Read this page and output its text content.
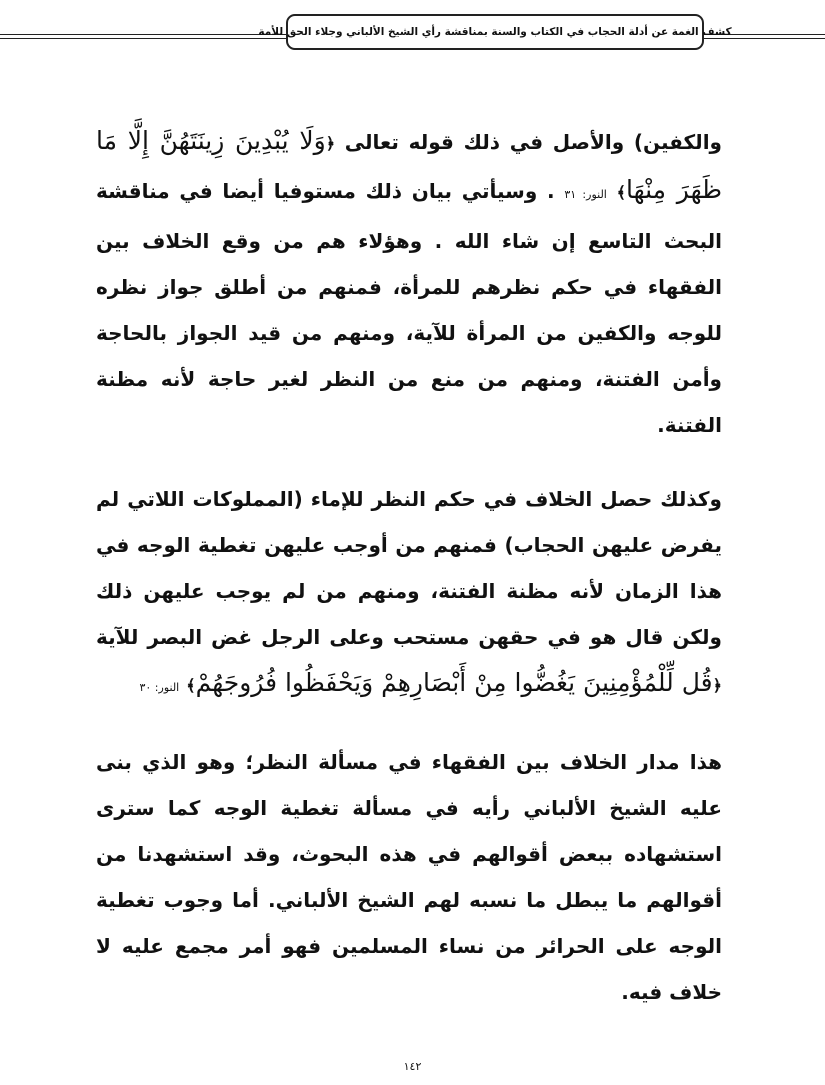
كشف الغمة عن أدلة الحجاب في الكتاب والسنة بمناقشة رأي الشيخ الألباني وجلاء الحق للأمة

والكفين) والأصل في ذلك قوله تعالى ﴿وَلَا يُبْدِينَ زِينَتَهُنَّ إِلَّا مَا ظَهَرَ مِنْهَا﴾ النور: ٣١ . وسيأتي بيان ذلك مستوفيا أيضا في مناقشة البحث التاسع إن شاء الله . وهؤلاء هم من وقع الخلاف بين الفقهاء في حكم نظرهم للمرأة، فمنهم من أطلق جواز نظره للوجه والكفين من المرأة للآية، ومنهم من قيد الجواز بالحاجة وأمن الفتنة، ومنهم من منع من النظر لغير حاجة لأنه مظنة الفتنة.

وكذلك حصل الخلاف في حكم النظر للإماء (المملوكات اللاتي لم يفرض عليهن الحجاب) فمنهم من أوجب عليهن تغطية الوجه في هذا الزمان لأنه مظنة الفتنة، ومنهم من لم يوجب عليهن ذلك ولكن قال هو في حقهن مستحب وعلى الرجل غض البصر للآية ﴿قُل لِّلْمُؤْمِنِينَ يَغُضُّوا مِنْ أَبْصَارِهِمْ وَيَحْفَظُوا فُرُوجَهُمْ﴾ النور: ٣٠

هذا مدار الخلاف بين الفقهاء في مسألة النظر؛ وهو الذي بنى عليه الشيخ الألباني رأيه في مسألة تغطية الوجه كما سترى استشهاده ببعض أقوالهم في هذه البحوث، وقد استشهدنا من أقوالهم ما يبطل ما نسبه لهم الشيخ الألباني. أما وجوب تغطية الوجه على الحرائر من نساء المسلمين فهو أمر مجمع عليه لا خلاف فيه.

١٤٢
